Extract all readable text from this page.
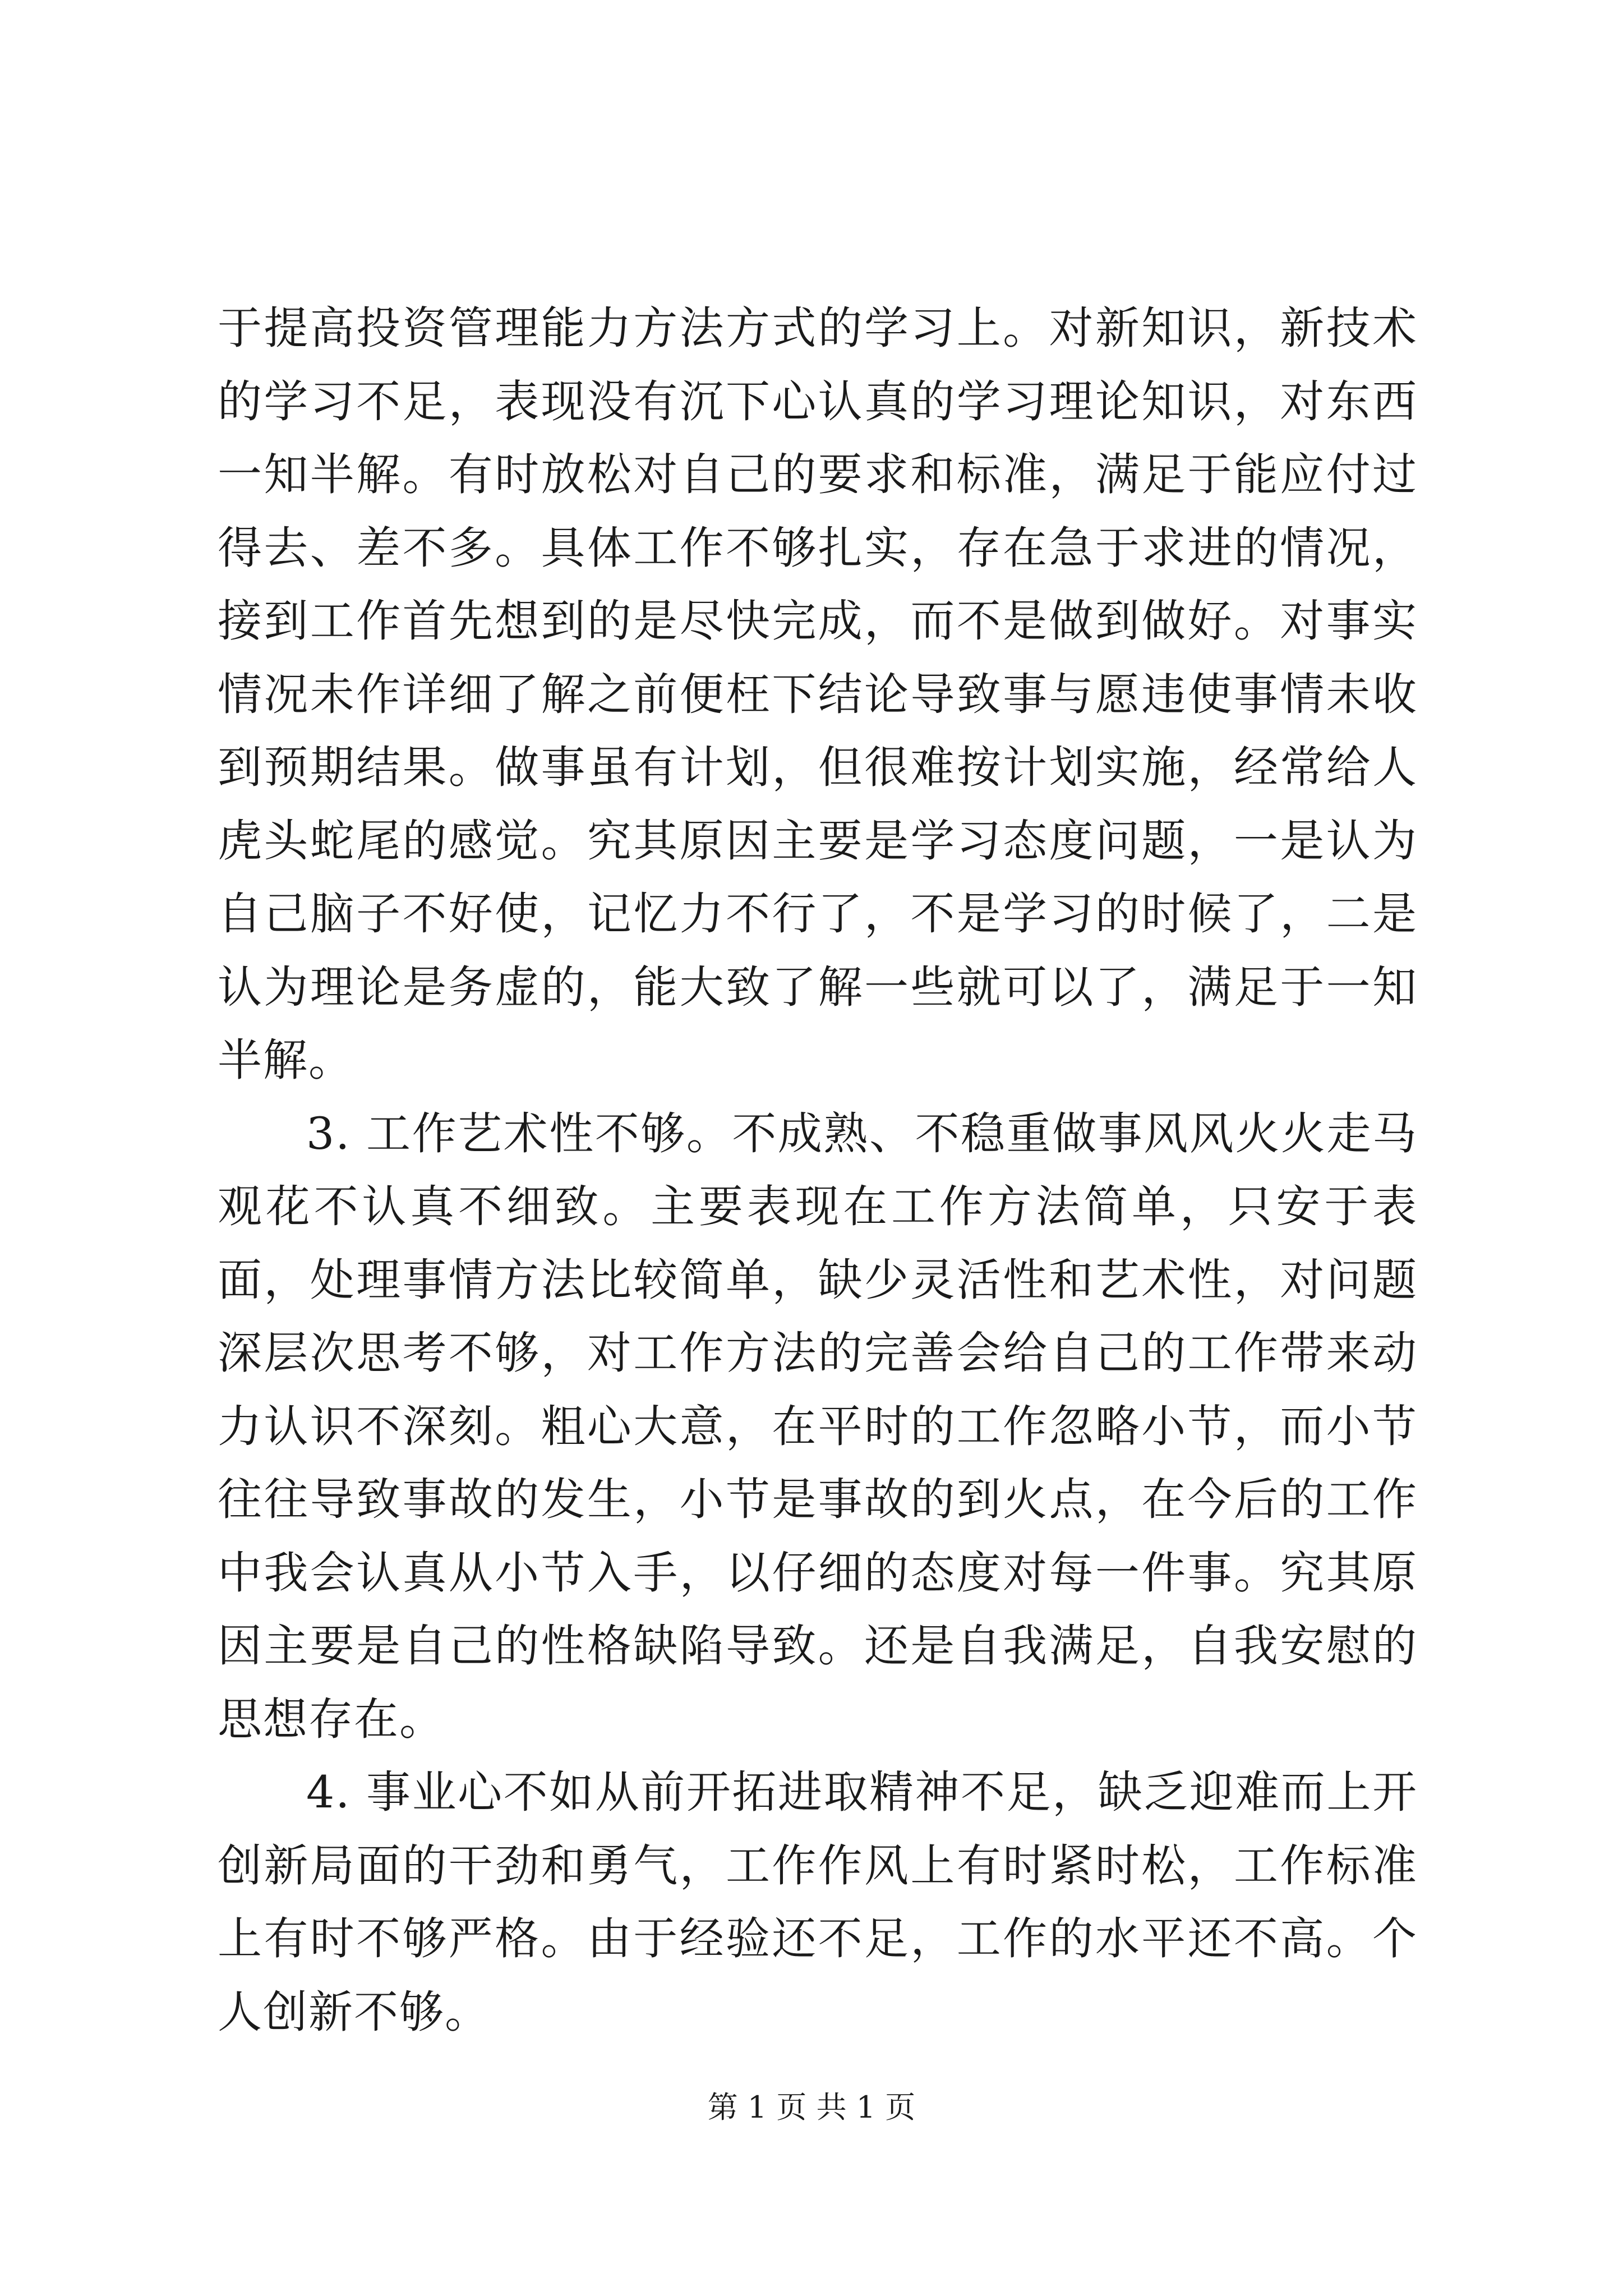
于提高投资管理能力方法方式的学习上。对新知识，新技术的学习不足，表现没有沉下心认真的学习理论知识，对东西一知半解。有时放松对自己的要求和标准，满足于能应付过得去、差不多。具体工作不够扎实，存在急于求进的情况，接到工作首先想到的是尽快完成，而不是做到做好。对事实情况未作详细了解之前便枉下结论导致事与愿违使事情未收到预期结果。做事虽有计划，但很难按计划实施，经常给人虎头蛇尾的感觉。究其原因主要是学习态度问题，一是认为自己脑子不好使，记忆力不行了，不是学习的时候了，二是认为理论是务虚的，能大致了解一些就可以了，满足于一知半解。

3. 工作艺术性不够。不成熟、不稳重做事风风火火走马观花不认真不细致。主要表现在工作方法简单，只安于表面，处理事情方法比较简单，缺少灵活性和艺术性，对问题深层次思考不够，对工作方法的完善会给自己的工作带来动力认识不深刻。粗心大意，在平时的工作忽略小节，而小节往往导致事故的发生，小节是事故的到火点，在今后的工作中我会认真从小节入手，以仔细的态度对每一件事。究其原因主要是自己的性格缺陷导致。还是自我满足，自我安慰的思想存在。

4. 事业心不如从前开拓进取精神不足，缺乏迎难而上开创新局面的干劲和勇气，工作作风上有时紧时松，工作标准上有时不够严格。由于经验还不足，工作的水平还不高。个人创新不够。

第 1 页 共 1 页
